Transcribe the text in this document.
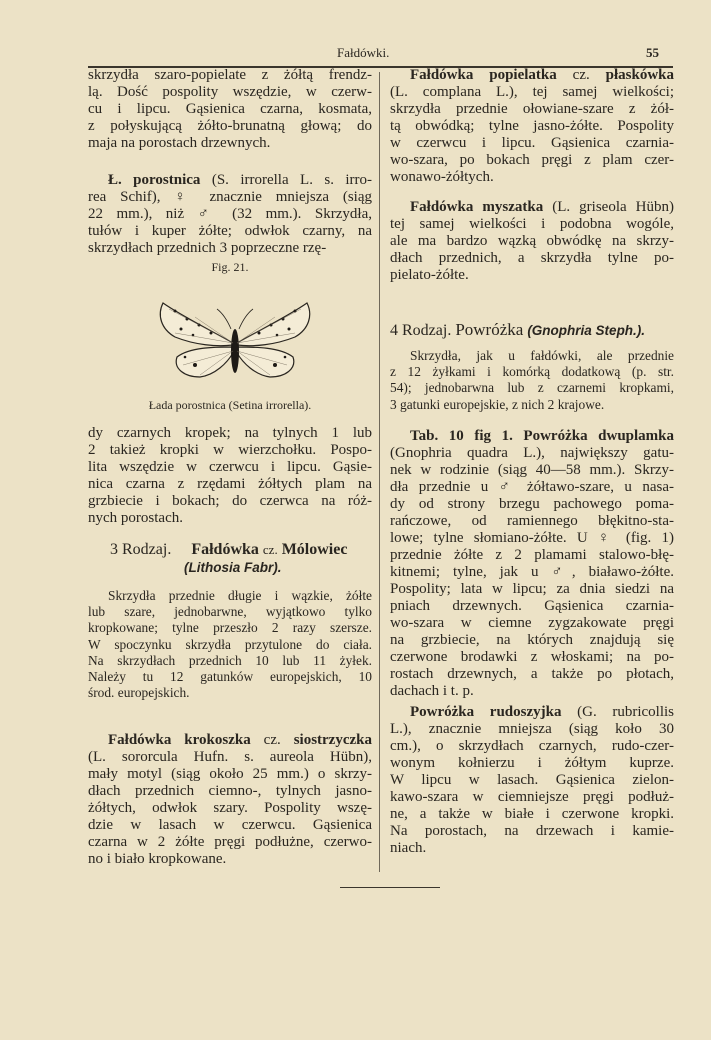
Fałdówki.	55
skrzydła szaro-popielate z żółtą frendz-
lą. Dość pospolity wszędzie, w czerw-
cu i lipcu. Gąsienica czarna, kosmata,
z połyskującą żółto-brunatną głową; do
maja na porostach drzewnych.
Ł. porostnica (S. irrorella L. s. irro-
rea Schif), ♀ znacznie mniejsza (siąg
22 mm.), niż ♂ (32 mm.). Skrzydła,
tułów i kuper żółte; odwłok czarny, na
skrzydłach przednich 3 poprzeczne rzę-
Fig. 21.
Łada porostnica (Setina irrorella).
dy czarnych kropek; na tylnych 1 lub
2 takież kropki w wierzchołku. Pospo-
lita wszędzie w czerwcu i lipcu. Gąsie-
nica czarna z rzędami żółtych plam na
grzbiecie i bokach; do czerwca na róż-
nych porostach.
3 Rodzaj. Fałdówka cz. Mólowiec
(Lithosia Fabr).
Skrzydła przednie długie i wązkie, żółte
lub szare, jednobarwne, wyjątkowo tylko
kropkowane; tylne przeszło 2 razy szersze.
W spoczynku skrzydła przytulone do ciała.
Na skrzydłach przednich 10 lub 11 żyłek.
Należy tu 12 gatunków europejskich, 10
środ. europejskich.
Fałdówka krokoszka cz. siostrzyczka
(L. sororcula Hufn. s. aureola Hübn),
mały motyl (siąg około 25 mm.) o skrzy-
dłach przednich ciemno-, tylnych jasno-
żółtych, odwłok szary. Pospolity wszę-
dzie w lasach w czerwcu. Gąsienica
czarna w 2 żółte pręgi podłużne, czerwo-
no i biało kropkowane.
Fałdówka popielatka cz. płaskówka
(L. complana L.), tej samej wielkości;
skrzydła przednie ołowiane-szare z żół-
tą obwódką; tylne jasno-żółte. Pospolity
w czerwcu i lipcu. Gąsienica czarnia-
wo-szara, po bokach pręgi z plam czer-
wonawo-żółtych.
Fałdówka myszatka (L. griseola Hübn)
tej samej wielkości i podobna wogóle,
ale ma bardzo wązką obwódkę na skrzy-
dłach przednich, a skrzydła tylne po-
pielato-żółte.
4 Rodzaj. Powróżka (Gnophria Steph.).
Skrzydła, jak u fałdówki, ale przednie
z 12 żyłkami i komórką dodatkową (p. str.
54); jednobarwna lub z czarnemi kropkami,
3 gatunki europejskie, z nich 2 krajowe.
Tab. 10 fig 1. Powróżka dwuplamka
(Gnophria quadra L.), największy gatu-
nek w rodzinie (siąg 40—58 mm.). Skrzy-
dła przednie u ♂ żółtawo-szare, u nasa-
dy od strony brzegu pachowego poma-
rańczowe, od ramiennego błękitno-sta-
lowe; tylne słomiano-żółte. U ♀ (fig. 1)
przednie żółte z 2 plamami stalowo-błę-
kitnemi; tylne, jak u ♂, białawo-żółte.
Pospolity; lata w lipcu; za dnia siedzi na
pniach drzewnych. Gąsienica czarnia-
wo-szara w ciemne zygzakowate pręgi
na grzbiecie, na których znajdują się
czerwone brodawki z włoskami; na po-
rostach drzewnych, a także po płotach,
dachach i t. p.
Powróżka rudoszyjka (G. rubricollis
L.), znacznie mniejsza (siąg koło 30
cm.), o skrzydłach czarnych, rudo-czer-
wonym kołnierzu i żółtym kuprze.
W lipcu w lasach. Gąsienica zielon-
kawo-szara w ciemniejsze pręgi podłuż-
ne, a także w białe i czerwone kropki.
Na porostach, na drzewach i kamie-
niach.
